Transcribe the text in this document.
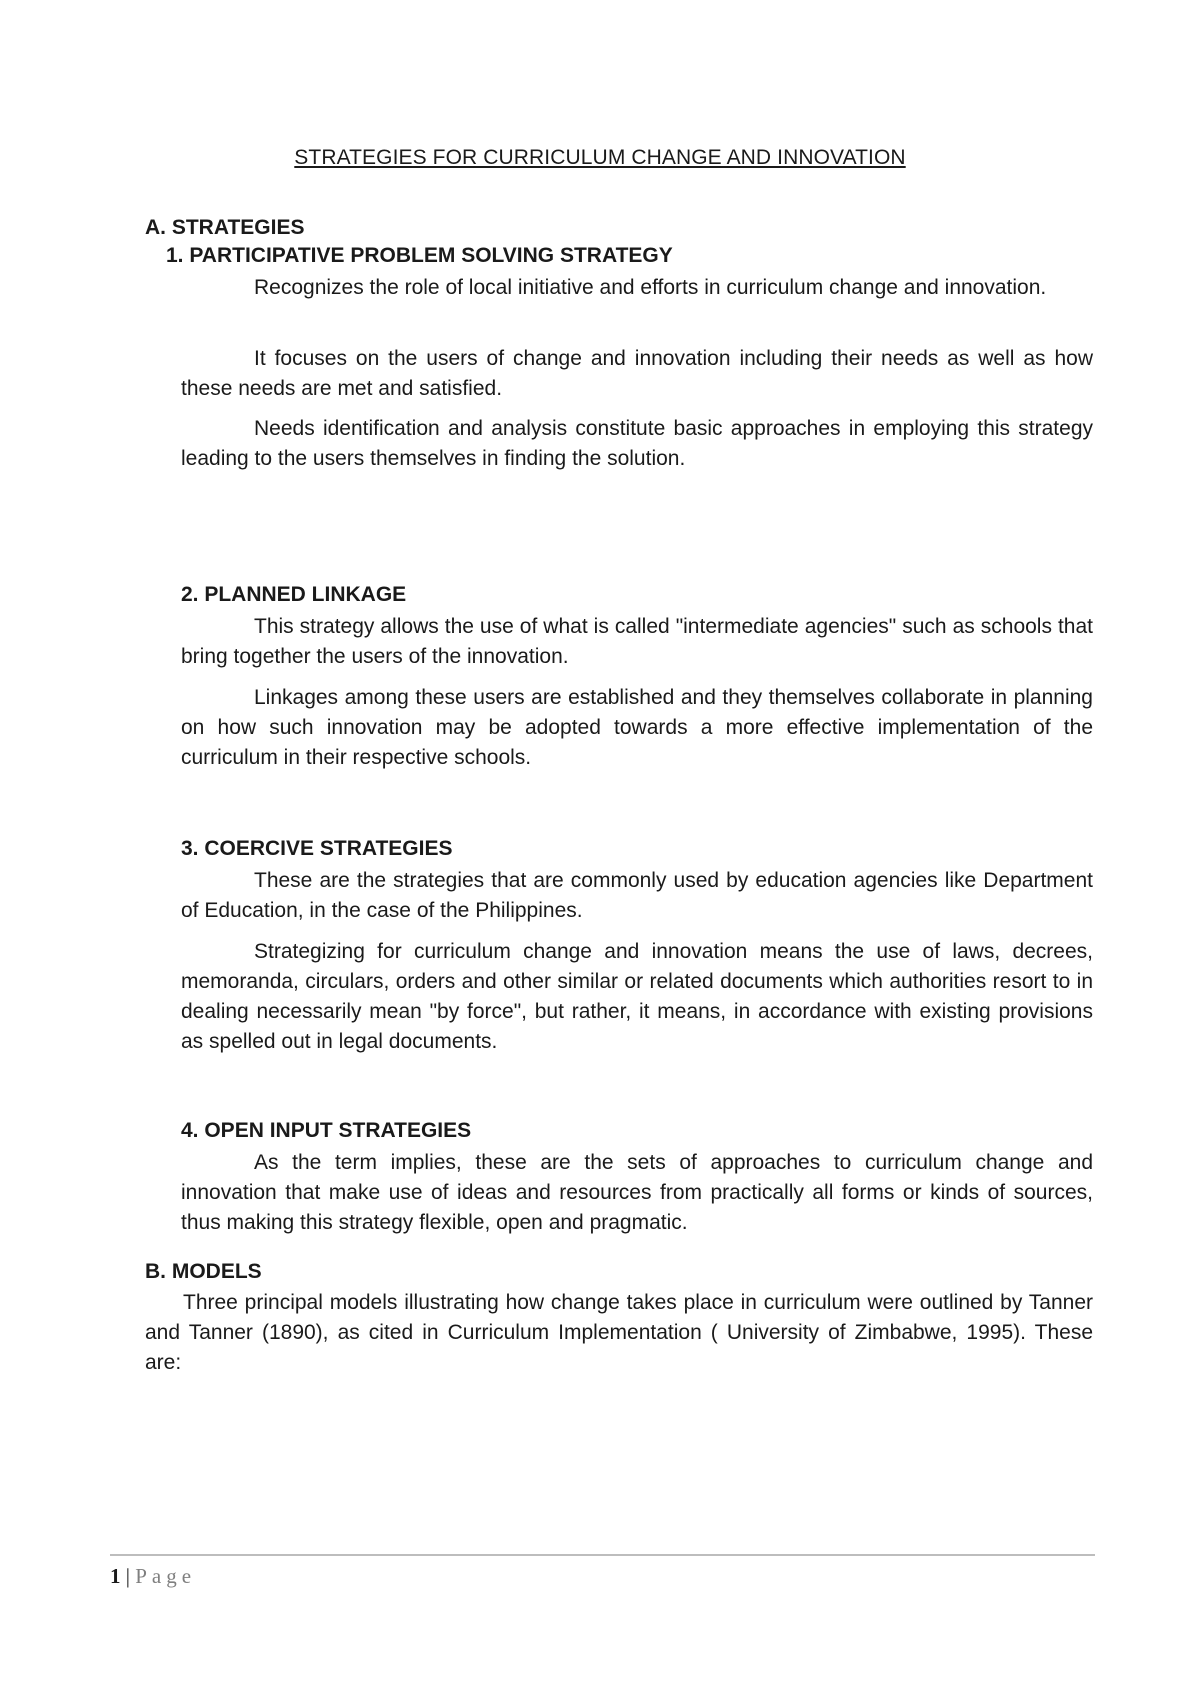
STRATEGIES FOR CURRICULUM CHANGE AND INNOVATION
A. STRATEGIES
1. PARTICIPATIVE PROBLEM SOLVING STRATEGY

Recognizes the role of local initiative and efforts in curriculum change and innovation.

It focuses on the users of change and innovation including their needs as well as how these needs are met and satisfied.

Needs identification and analysis constitute basic approaches in employing this strategy leading to the users themselves in finding the solution.

2. PLANNED LINKAGE

This strategy allows the use of what is called "intermediate agencies" such as schools that bring together the users of the innovation.

Linkages among these users are established and they themselves collaborate in planning on how such innovation may be adopted towards a more effective implementation of the curriculum in their respective schools.

3. COERCIVE STRATEGIES

These are the strategies that are commonly used by education agencies like Department of Education, in the case of the Philippines.

Strategizing for curriculum change and innovation means the use of laws, decrees, memoranda, circulars, orders and other similar or related documents which authorities resort to in dealing necessarily mean "by force", but rather, it means, in accordance with existing provisions as spelled out in legal documents.

4. OPEN INPUT STRATEGIES

As the term implies, these are the sets of approaches to curriculum change and innovation that make use of ideas and resources from practically all forms or kinds of sources, thus making this strategy flexible, open and pragmatic.

B. MODELS

Three principal models illustrating how change takes place in curriculum were outlined by Tanner and Tanner (1890), as cited in Curriculum Implementation ( University of Zimbabwe, 1995). These are:

1 | Page
